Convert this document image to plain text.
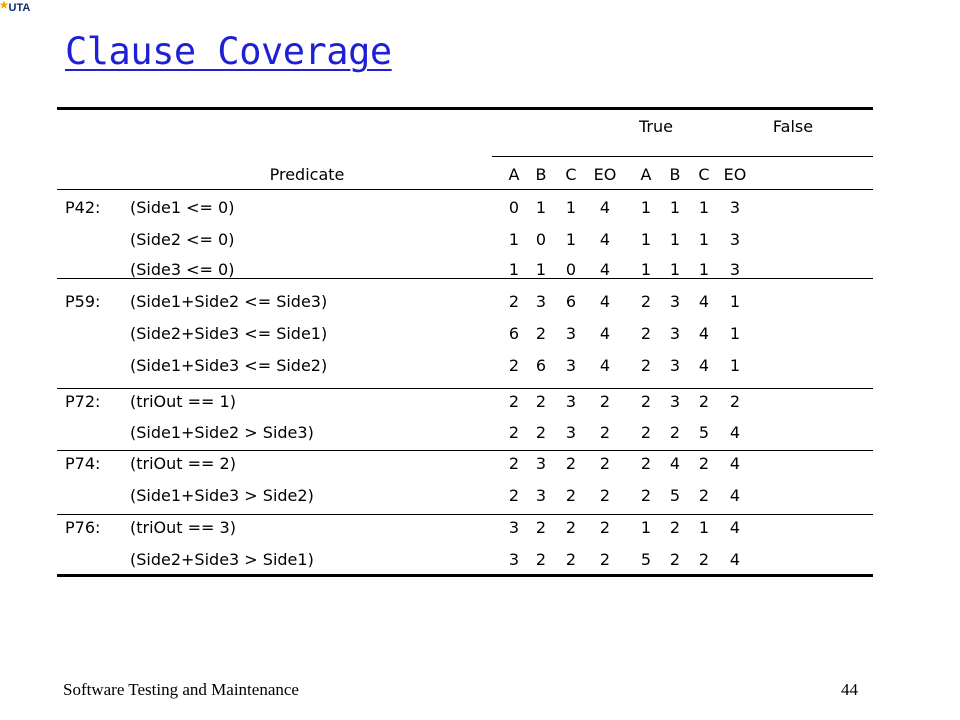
UTA
Clause Coverage
True	False
Predicate	A B C EO A B C EO
P42: (Side1 <= 0)	0 1 1 4 1 1 1 3
(Side2 <= 0)	1 0 1 4 1 1 1 3
(Side3 <= 0)	1 1 0 4 1 1 1 3
P59: (Side1+Side2 <= Side3)	2 3 6 4 2 3 4 1
(Side2+Side3 <= Side1)	6 2 3 4 2 3 4 1
(Side1+Side3 <= Side2)	2 6 3 4 2 3 4 1
P72: (triOut == 1)	2 2 3 2 2 3 2 2
(Side1+Side2 > Side3)	2 2 3 2 2 2 5 4
P74: (triOut == 2)	2 3 2 2 2 4 2 4
(Side1+Side3 > Side2)	2 3 2 2 2 5 2 4
P76: (triOut == 3)	3 2 2 2 1 2 1 4
(Side2+Side3 > Side1)	3 2 2 2 5 2 2 4
Software Testing and Maintenance	44
